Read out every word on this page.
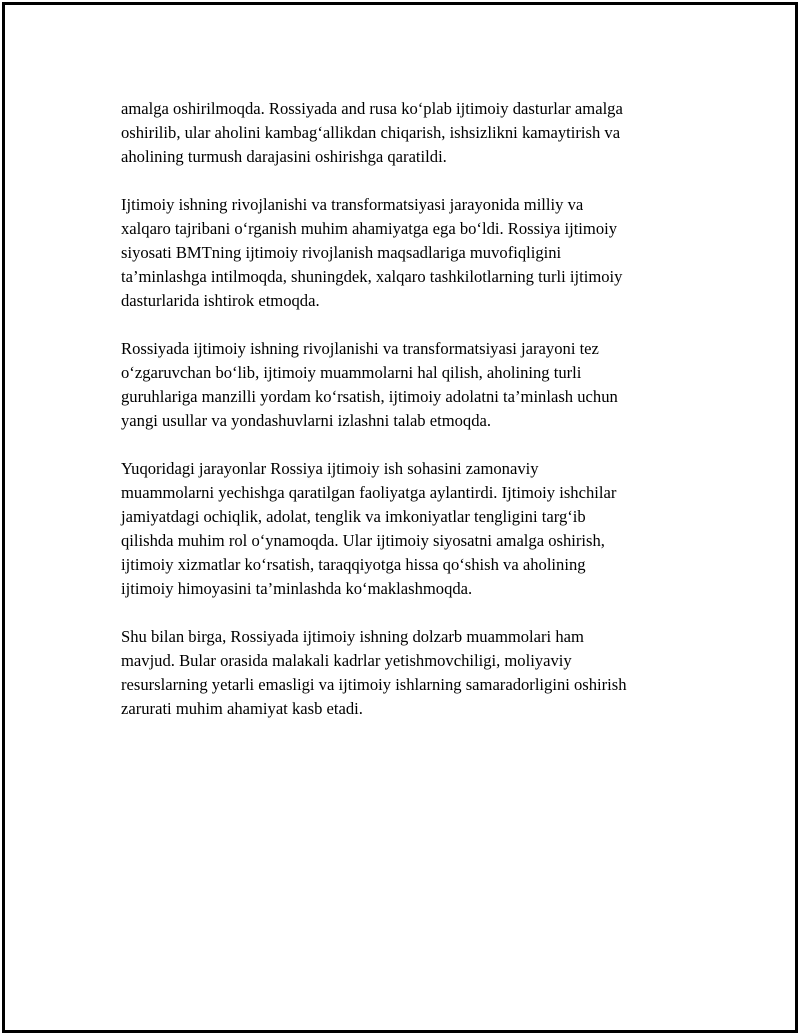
amalga oshirilmoqda. Rossiyada and rusa ko‘plab ijtimoiy dasturlar amalga
oshirilib, ular aholini kambag‘allikdan chiqarish, ishsizlikni kamaytirish va
aholining turmush darajasini oshirishga qaratildi.

Ijtimoiy ishning rivojlanishi va transformatsiyasi jarayonida milliy va
xalqaro tajribani o‘rganish muhim ahamiyatga ega bo‘ldi. Rossiya ijtimoiy
siyosati BMTning ijtimoiy rivojlanish maqsadlariga muvofiqligini
ta’minlashga intilmoqda, shuningdek, xalqaro tashkilotlarning turli ijtimoiy
dasturlarida ishtirok etmoqda.

Rossiyada ijtimoiy ishning rivojlanishi va transformatsiyasi jarayoni tez
o‘zgaruvchan bo‘lib, ijtimoiy muammolarni hal qilish, aholining turli
guruhlariga manzilli yordam ko‘rsatish, ijtimoiy adolatni ta’minlash uchun
yangi usullar va yondashuvlarni izlashni talab etmoqda.

Yuqoridagi jarayonlar Rossiya ijtimoiy ish sohasini zamonaviy
muammolarni yechishga qaratilgan faoliyatga aylantirdi. Ijtimoiy ishchilar
jamiyatdagi ochiqlik, adolat, tenglik va imkoniyatlar tengligini targ‘ib
qilishda muhim rol o‘ynamoqda. Ular ijtimoiy siyosatni amalga oshirish,
ijtimoiy xizmatlar ko‘rsatish, taraqqiyotga hissa qo‘shish va aholining
ijtimoiy himoyasini ta’minlashda ko‘maklashmoqda.

Shu bilan birga, Rossiyada ijtimoiy ishning dolzarb muammolari ham
mavjud. Bular orasida malakali kadrlar yetishmovchiligi, moliyaviy
resurslarning yetarli emasligi va ijtimoiy ishlarning samaradorligini oshirish
zarurati muhim ahamiyat kasb etadi.
